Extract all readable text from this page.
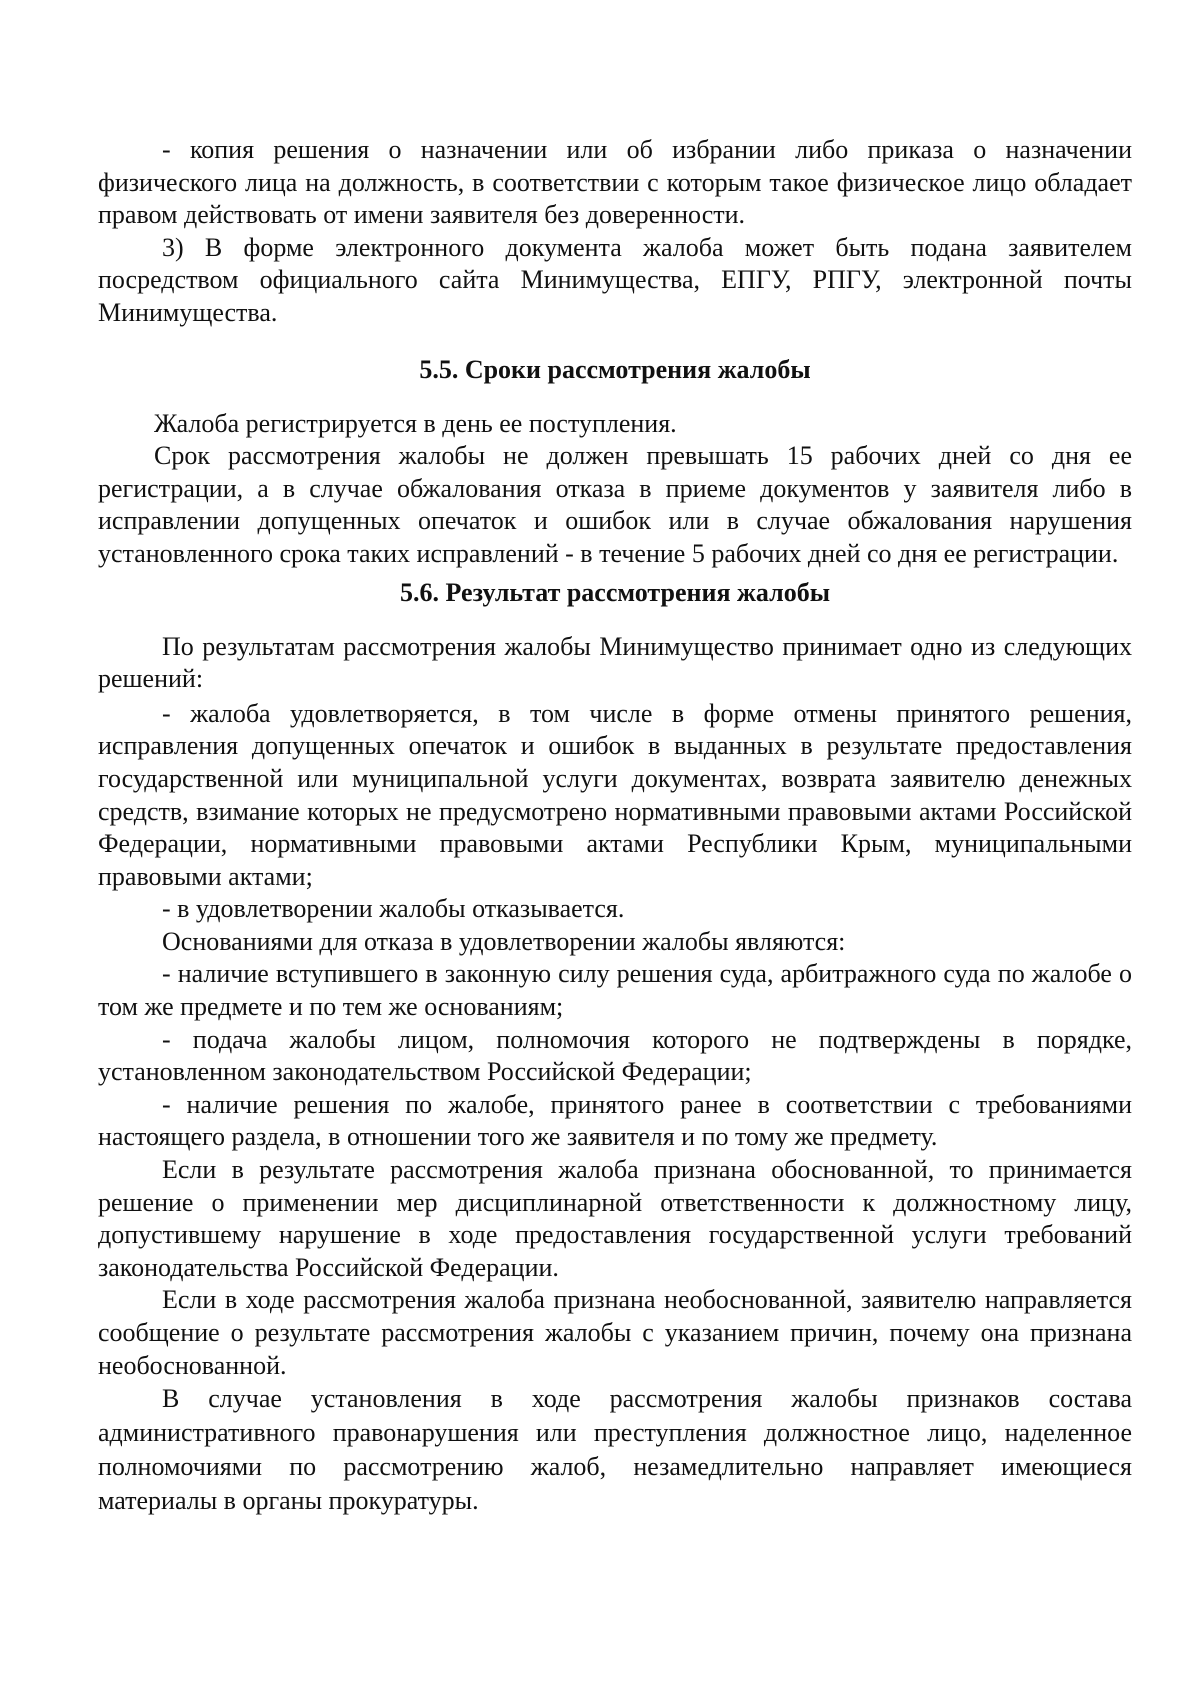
- копия решения о назначении или об избрании либо приказа о назначении физического лица на должность, в соответствии с которым такое физическое лицо обладает правом действовать от имени заявителя без доверенности.

3) В форме электронного документа жалоба может быть подана заявителем посредством официального сайта Минимущества, ЕПГУ, РПГУ, электронной почты Минимущества.

5.5. Сроки рассмотрения жалобы

Жалоба регистрируется в день ее поступления.

Срок рассмотрения жалобы не должен превышать 15 рабочих дней со дня ее регистрации, а в случае обжалования отказа в приеме документов у заявителя либо в исправлении допущенных опечаток и ошибок или в случае обжалования нарушения установленного срока таких исправлений - в течение 5 рабочих дней со дня ее регистрации.

5.6. Результат рассмотрения жалобы

По результатам рассмотрения жалобы Минимущество принимает одно из следующих решений:

- жалоба удовлетворяется, в том числе в форме отмены принятого решения, исправления допущенных опечаток и ошибок в выданных в результате предоставления государственной или муниципальной услуги документах, возврата заявителю денежных средств, взимание которых не предусмотрено нормативными правовыми актами Российской Федерации, нормативными правовыми актами Республики Крым, муниципальными правовыми актами;

- в удовлетворении жалобы отказывается.

Основаниями для отказа в удовлетворении жалобы являются:

- наличие вступившего в законную силу решения суда, арбитражного суда по жалобе о том же предмете и по тем же основаниям;

- подача жалобы лицом, полномочия которого не подтверждены в порядке, установленном законодательством Российской Федерации;

- наличие решения по жалобе, принятого ранее в соответствии с требованиями настоящего раздела, в отношении того же заявителя и по тому же предмету.

Если в результате рассмотрения жалоба признана обоснованной, то принимается решение о применении мер дисциплинарной ответственности к должностному лицу, допустившему нарушение в ходе предоставления государственной услуги требований законодательства Российской Федерации.

Если в ходе рассмотрения жалоба признана необоснованной, заявителю направляется сообщение о результате рассмотрения жалобы с указанием причин, почему она признана необоснованной.

В случае установления в ходе рассмотрения жалобы признаков состава административного правонарушения или преступления должностное лицо, наделенное полномочиями по рассмотрению жалоб, незамедлительно направляет имеющиеся материалы в органы прокуратуры.
